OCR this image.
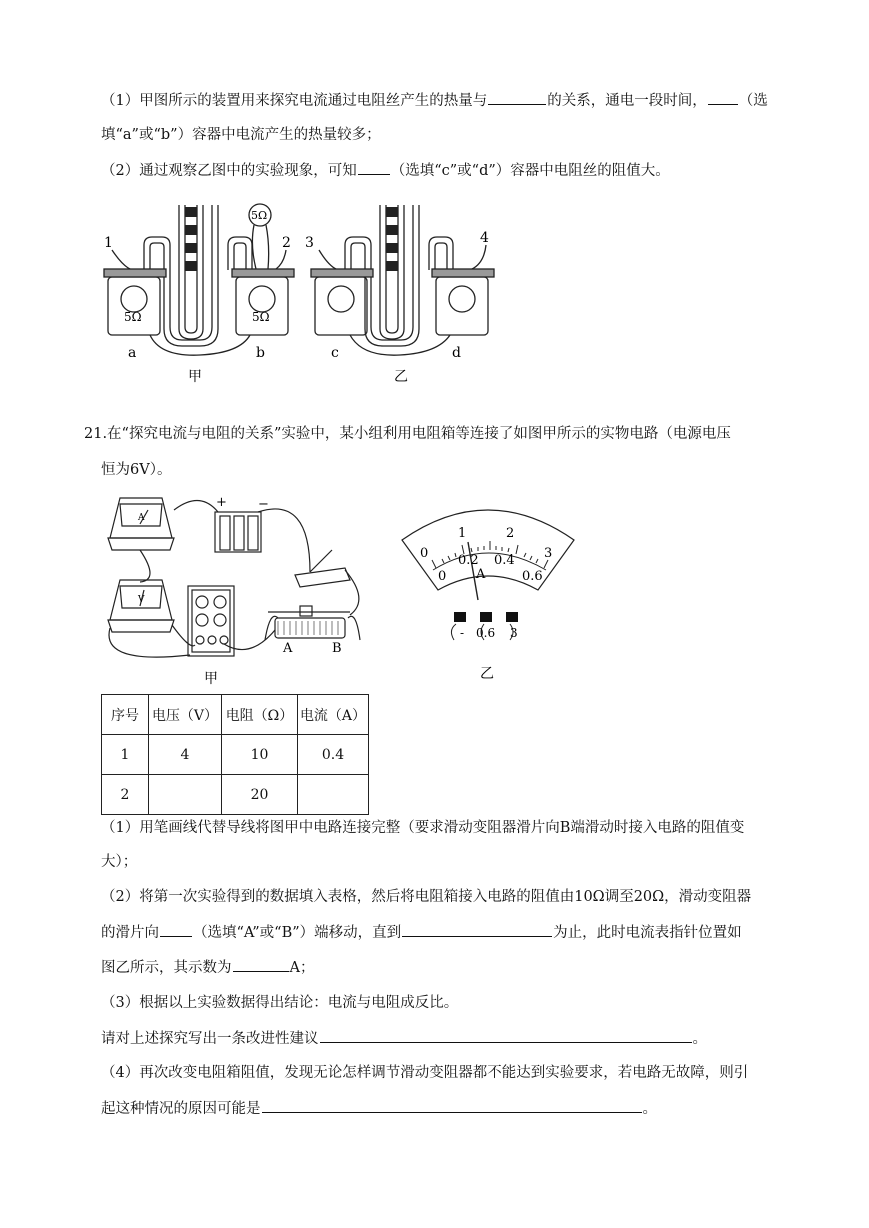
（1）甲图所示的装置用来探究电流通过电阻丝产生的热量与	的关系，通电一段时间， （选
填“a”或“b”）容器中电流产生的热量较多；
（2）通过观察乙图中的实验现象，可知 （选填“c”或“d”）容器中电阻丝的阻值大。
1	2 3	4
5Ω	5Ω
5Ω
a	b	c	d
甲	乙
21.在“探究电流与电阻的关系”实验中，某小组利用电阻箱等连接了如图甲所示的实物电路（电源电压
恒为6V）。
+ −
A
V
A	B
甲
0
1	2
3
0
0.2 0.4
0.6
A
- 0.6 3
乙
序号	电压（V）	电阻（Ω）	电流（A）
1	4	10	0.4
2		20	
（1）用笔画线代替导线将图甲中电路连接完整（要求滑动变阻器滑片向B端滑动时接入电路的阻值变
大）；
（2）将第一次实验得到的数据填入表格，然后将电阻箱接入电路的阻值由10Ω调至20Ω，滑动变阻器
的滑片向 （选填“A”或“B”）端移动，直到	为止，此时电流表指针位置如
图乙所示，其示数为	A；
（3）根据以上实验数据得出结论：电流与电阻成反比。
请对上述探究写出一条改进性建议	。
（4）再次改变电阻箱阻值，发现无论怎样调节滑动变阻器都不能达到实验要求，若电路无故障，则引
起这种情况的原因可能是	。
